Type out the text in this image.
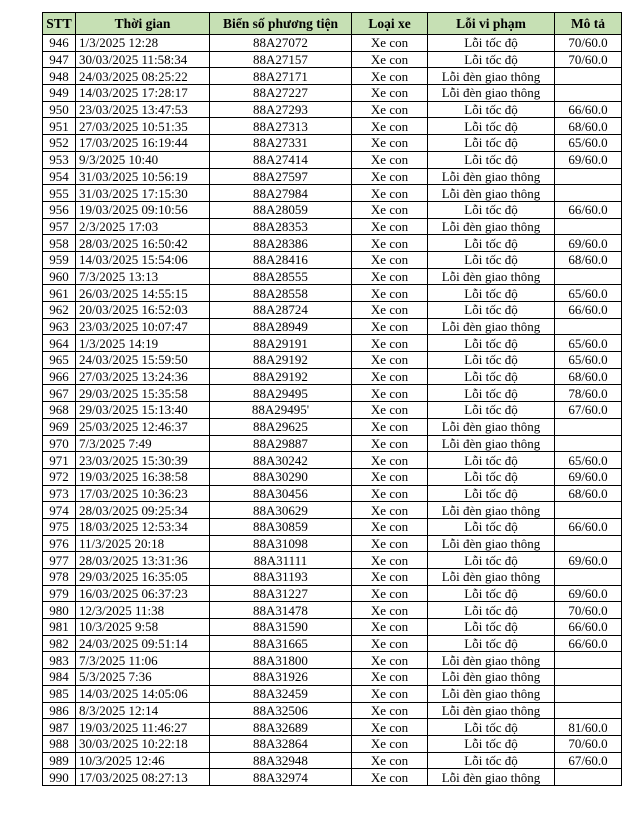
STT	Thời gian	Biển số phương tiện	Loại xe	Lỗi vi phạm	Mô tả
946	1/3/2025 12:28	88A27072	Xe con	Lỗi tốc độ	70/60.0
947	30/03/2025 11:58:34	88A27157	Xe con	Lỗi tốc độ	70/60.0
948	24/03/2025 08:25:22	88A27171	Xe con	Lỗi đèn giao thông	
949	14/03/2025 17:28:17	88A27227	Xe con	Lỗi đèn giao thông	
950	23/03/2025 13:47:53	88A27293	Xe con	Lỗi tốc độ	66/60.0
951	27/03/2025 10:51:35	88A27313	Xe con	Lỗi tốc độ	68/60.0
952	17/03/2025 16:19:44	88A27331	Xe con	Lỗi tốc độ	65/60.0
953	9/3/2025 10:40	88A27414	Xe con	Lỗi tốc độ	69/60.0
954	31/03/2025 10:56:19	88A27597	Xe con	Lỗi đèn giao thông	
955	31/03/2025 17:15:30	88A27984	Xe con	Lỗi đèn giao thông	
956	19/03/2025 09:10:56	88A28059	Xe con	Lỗi tốc độ	66/60.0
957	2/3/2025 17:03	88A28353	Xe con	Lỗi đèn giao thông	
958	28/03/2025 16:50:42	88A28386	Xe con	Lỗi tốc độ	69/60.0
959	14/03/2025 15:54:06	88A28416	Xe con	Lỗi tốc độ	68/60.0
960	7/3/2025 13:13	88A28555	Xe con	Lỗi đèn giao thông	
961	26/03/2025 14:55:15	88A28558	Xe con	Lỗi tốc độ	65/60.0
962	20/03/2025 16:52:03	88A28724	Xe con	Lỗi tốc độ	66/60.0
963	23/03/2025 10:07:47	88A28949	Xe con	Lỗi đèn giao thông	
964	1/3/2025 14:19	88A29191	Xe con	Lỗi tốc độ	65/60.0
965	24/03/2025 15:59:50	88A29192	Xe con	Lỗi tốc độ	65/60.0
966	27/03/2025 13:24:36	88A29192	Xe con	Lỗi tốc độ	68/60.0
967	29/03/2025 15:35:58	88A29495	Xe con	Lỗi tốc độ	78/60.0
968	29/03/2025 15:13:40	88A29495'	Xe con	Lỗi tốc độ	67/60.0
969	25/03/2025 12:46:37	88A29625	Xe con	Lỗi đèn giao thông	
970	7/3/2025 7:49	88A29887	Xe con	Lỗi đèn giao thông	
971	23/03/2025 15:30:39	88A30242	Xe con	Lỗi tốc độ	65/60.0
972	19/03/2025 16:38:58	88A30290	Xe con	Lỗi tốc độ	69/60.0
973	17/03/2025 10:36:23	88A30456	Xe con	Lỗi tốc độ	68/60.0
974	28/03/2025 09:25:34	88A30629	Xe con	Lỗi đèn giao thông	
975	18/03/2025 12:53:34	88A30859	Xe con	Lỗi tốc độ	66/60.0
976	11/3/2025 20:18	88A31098	Xe con	Lỗi đèn giao thông	
977	28/03/2025 13:31:36	88A31111	Xe con	Lỗi tốc độ	69/60.0
978	29/03/2025 16:35:05	88A31193	Xe con	Lỗi đèn giao thông	
979	16/03/2025 06:37:23	88A31227	Xe con	Lỗi tốc độ	69/60.0
980	12/3/2025 11:38	88A31478	Xe con	Lỗi tốc độ	70/60.0
981	10/3/2025 9:58	88A31590	Xe con	Lỗi tốc độ	66/60.0
982	24/03/2025 09:51:14	88A31665	Xe con	Lỗi tốc độ	66/60.0
983	7/3/2025 11:06	88A31800	Xe con	Lỗi đèn giao thông	
984	5/3/2025 7:36	88A31926	Xe con	Lỗi đèn giao thông	
985	14/03/2025 14:05:06	88A32459	Xe con	Lỗi đèn giao thông	
986	8/3/2025 12:14	88A32506	Xe con	Lỗi đèn giao thông	
987	19/03/2025 11:46:27	88A32689	Xe con	Lỗi tốc độ	81/60.0
988	30/03/2025 10:22:18	88A32864	Xe con	Lỗi tốc độ	70/60.0
989	10/3/2025 12:46	88A32948	Xe con	Lỗi tốc độ	67/60.0
990	17/03/2025 08:27:13	88A32974	Xe con	Lỗi đèn giao thông	
